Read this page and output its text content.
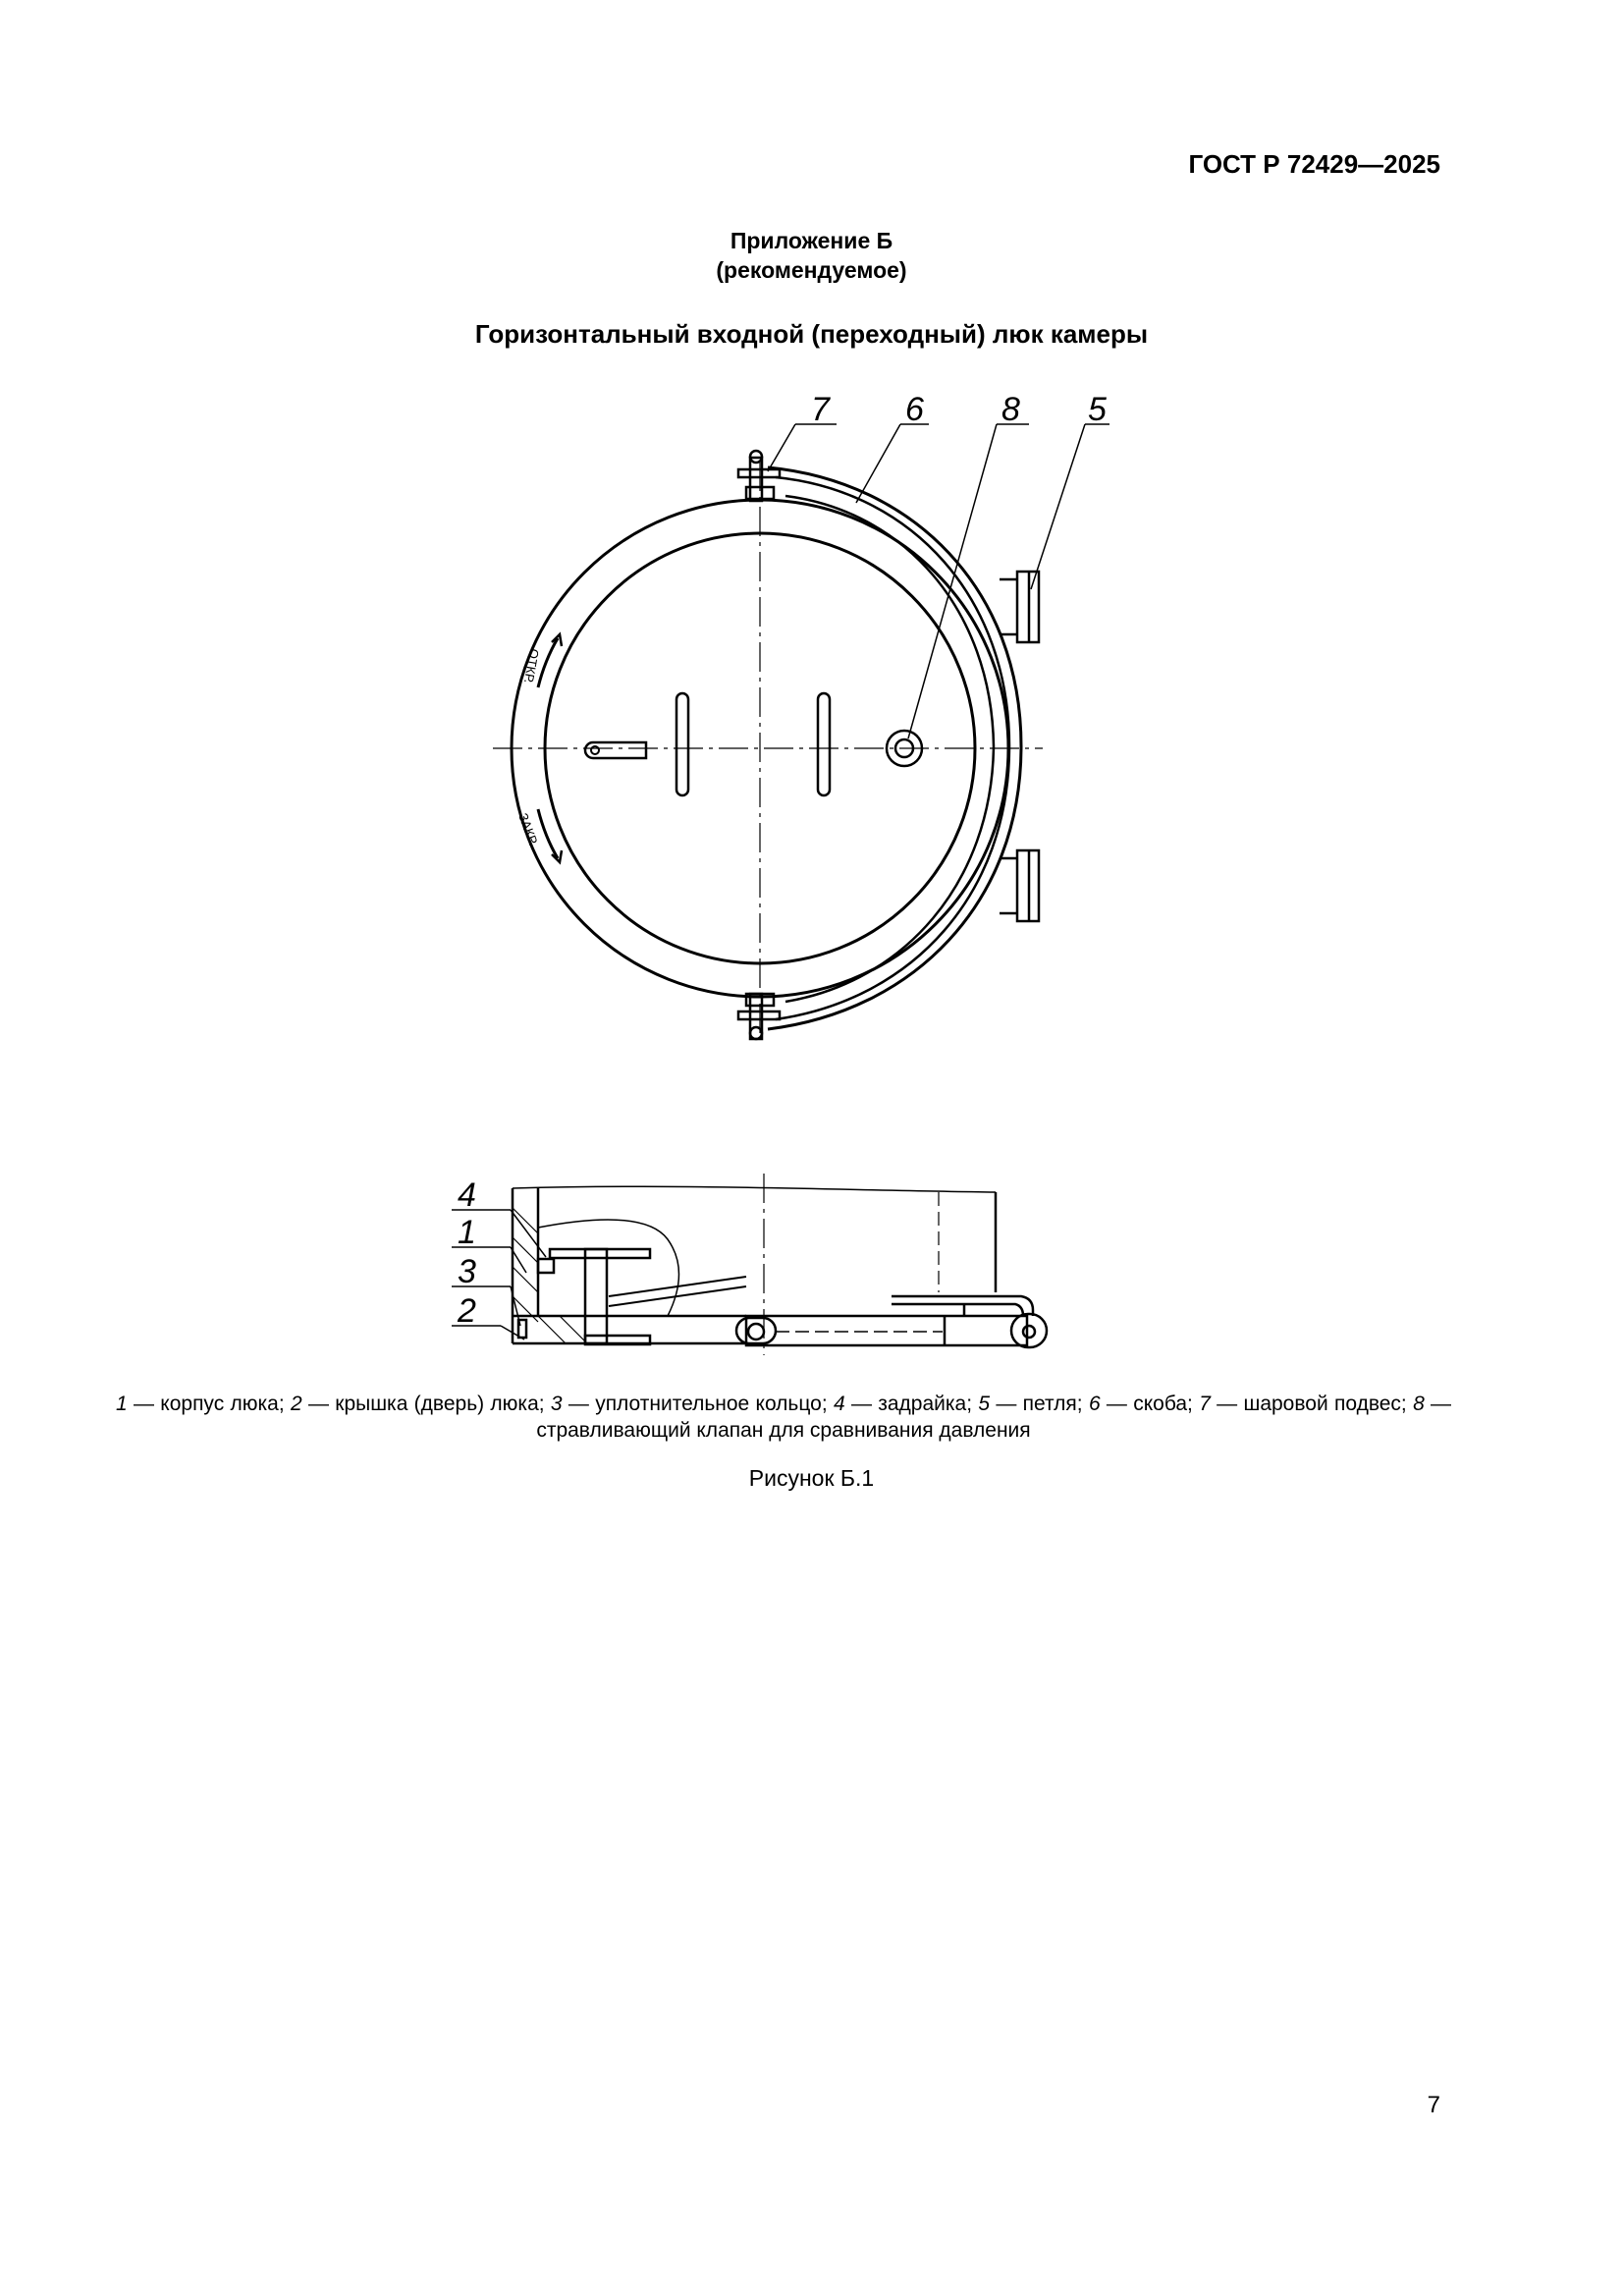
ГОСТ Р 72429—2025
Приложение Б
(рекомендуемое)
Горизонтальный входной (переходный) люк камеры
7 6 8 5
4
1
3
2
ОТКР.
ЗАКР.
1 — корпус люка; 2 — крышка (дверь) люка; 3 — уплотнительное кольцо; 4 — задрайка; 5 — петля; 6 — скоба; 7 — шаровой подвес; 8 — стравливающий клапан для сравнивания давления
Рисунок Б.1
7
